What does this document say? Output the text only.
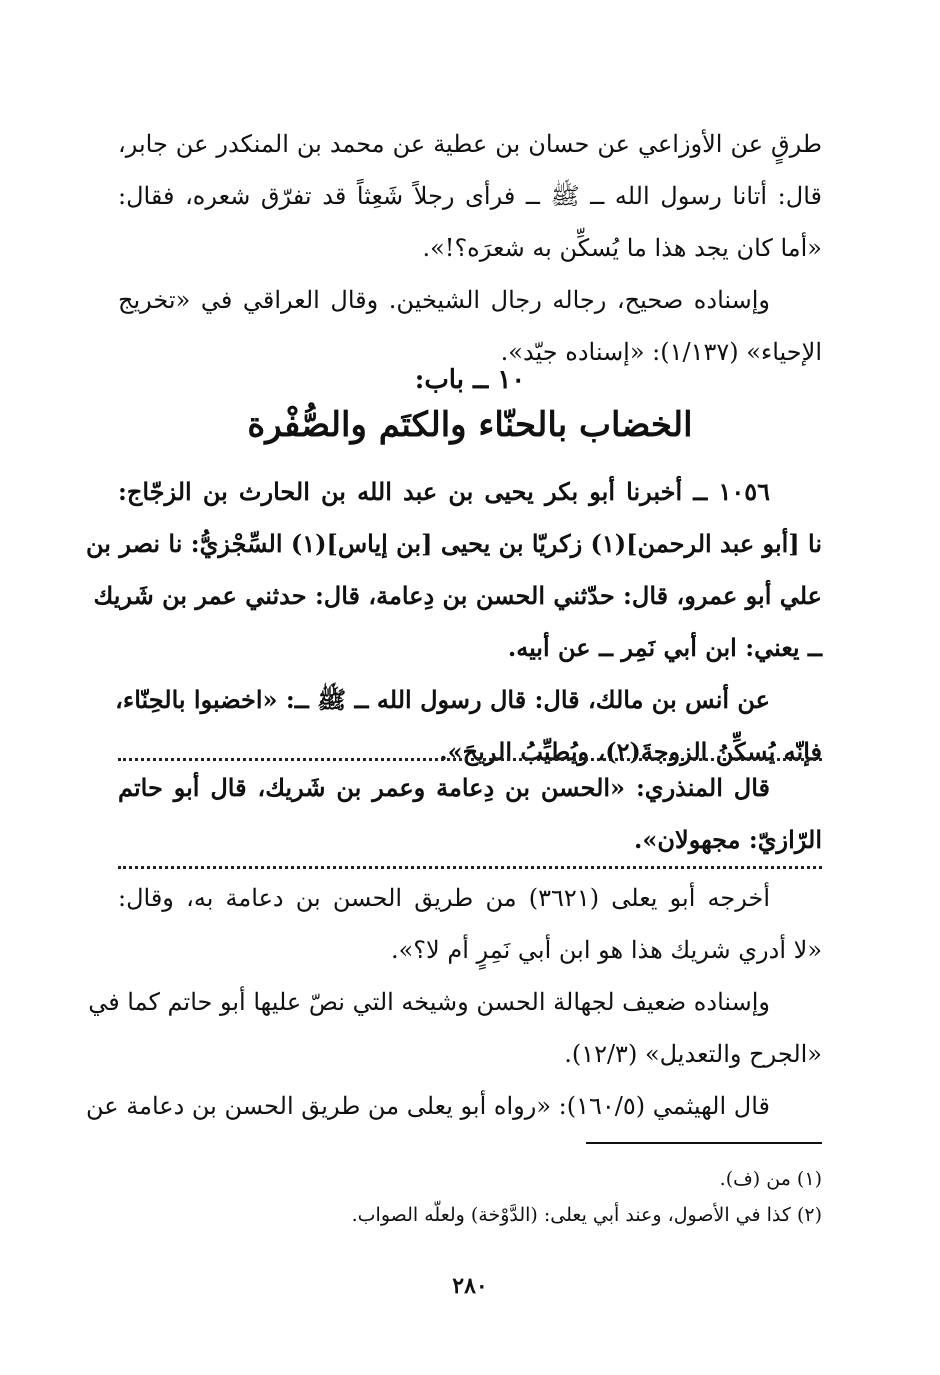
طرقٍ عن الأوزاعي عن حسان بن عطية عن محمد بن المنكدر عن جابر،
قال: أتانا رسول الله ــ ﷺ ــ فرأى رجلاً شَعِثاً قد تفرّق شعره، فقال:
«أما كان يجد هذا ما يُسكِّن به شعرَه؟!».
وإسناده صحيح، رجاله رجال الشيخين. وقال العراقي في «تخريج
الإحياء» (١/١٣٧): «إسناده جيّد».
١٠ ــ باب:
الخضاب بالحنّاء والكتَم والصُّفْرة
١٠٥٦ ــ أخبرنا أبو بكر يحيى بن عبد الله بن الحارث بن الزجّاج:
نا [أبو عبد الرحمن](١) زكريّا بن يحيى [بن إياس](١) السِّجْزيُّ: نا نصر بن
علي أبو عمرو، قال: حدّثني الحسن بن دِعامة، قال: حدثني عمر بن شَريك
ــ يعني: ابن أبي نَمِر ــ عن أبيه.
عن أنس بن مالك، قال: قال رسول الله ــ ﷺ ــ: «اخضبوا بالحِنّاء،
فإنّه يُسكِّنُ الزوجةَ(٢)، ويُطيِّبُ الريحَ».
قال المنذري: «الحسن بن دِعامة وعمر بن شَريك، قال أبو حاتم
الرّازيّ: مجهولان».
أخرجه أبو يعلى (٣٦٢١) من طريق الحسن بن دعامة به، وقال:
«لا أدري شريك هذا هو ابن أبي نَمِرٍ أم لا؟».
وإسناده ضعيف لجهالة الحسن وشيخه التي نصّ عليها أبو حاتم كما في
«الجرح والتعديل» (١٢/٣).
قال الهيثمي (١٦٠/٥): «رواه أبو يعلى من طريق الحسن بن دعامة عن
(١) من (ف).
(٢) كذا في الأصول، وعند أبي يعلى: (الدَّوْخة) ولعلّه الصواب.
٢٨٠
